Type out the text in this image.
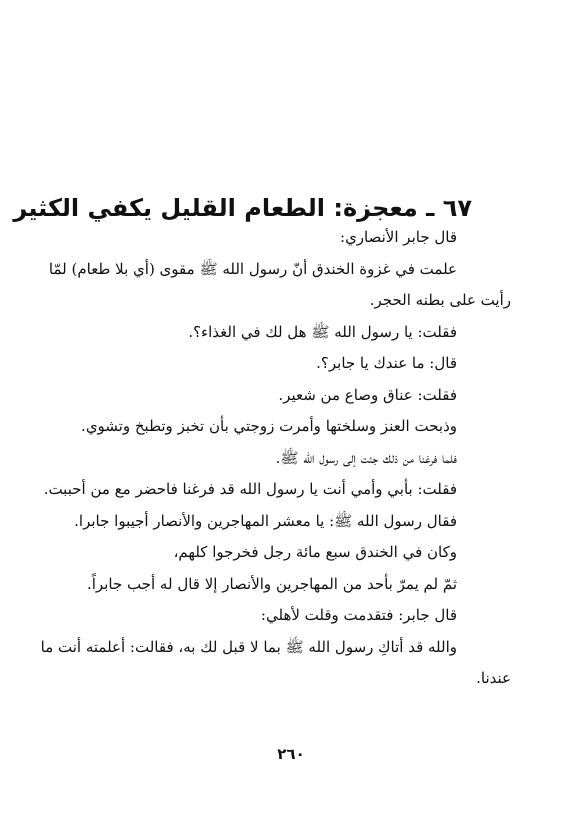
٦٧ ـ معجزة: الطعام القليل يكفي الكثير

قال جابر الأنصاري:

علمت في غزوة الخندق أنّ رسول الله ﷺ مقوى (أي بلا طعام) لمّا
رأيت على بطنه الحجر.

فقلت: يا رسول الله ﷺ هل لك في الغذاء؟.

قال: ما عندك يا جابر؟.

فقلت: عناق وصاع من شعير.

وذبحت العنز وسلختها وأمرت زوجتي بأن تخبز وتطبخ وتشوي.

فلما فرغنا من ذلك جئت إلى رسول الله ﷺ.

فقلت: بأبي وأمي أنت يا رسول الله قد فرغنا فاحضر مع من أحببت.

فقال رسول الله ﷺ: يا معشر المهاجرين والأنصار أجيبوا جابرا.

وكان في الخندق سبع مائة رجل فخرجوا كلهم،

ثمّ لم يمرّ بأحد من المهاجرين والأنصار إلا قال له أجب جابراً.

قال جابر: فتقدمت وقلت لأهلي:

والله قد أتاكِ رسول الله ﷺ بما لا قبل لك به، فقالت: أعلمته أنت ما
عندنا.

٢٦٠
